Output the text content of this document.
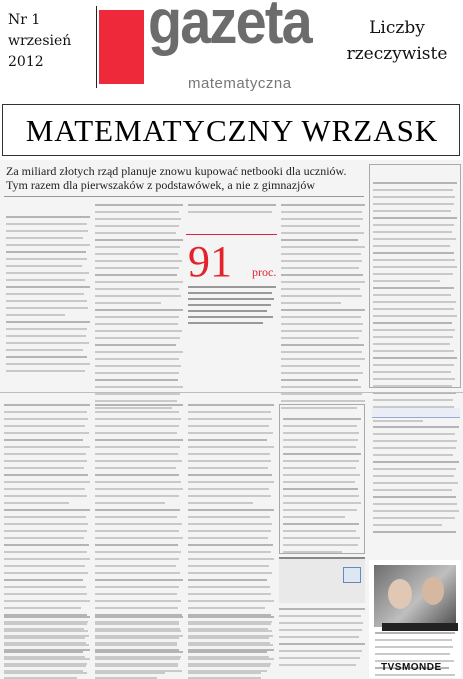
Nr 1
wrzesień
2012
gazeta
matematyczna
Liczby
rzeczywiste
MATEMATYCZNY WRZASK
Za miliard złotych rząd planuje znowu kupować netbooki dla uczniów.
Tym razem dla pierwszaków z podstawówek, a nie z gimnazjów
91 proc.
TVSMONDE
